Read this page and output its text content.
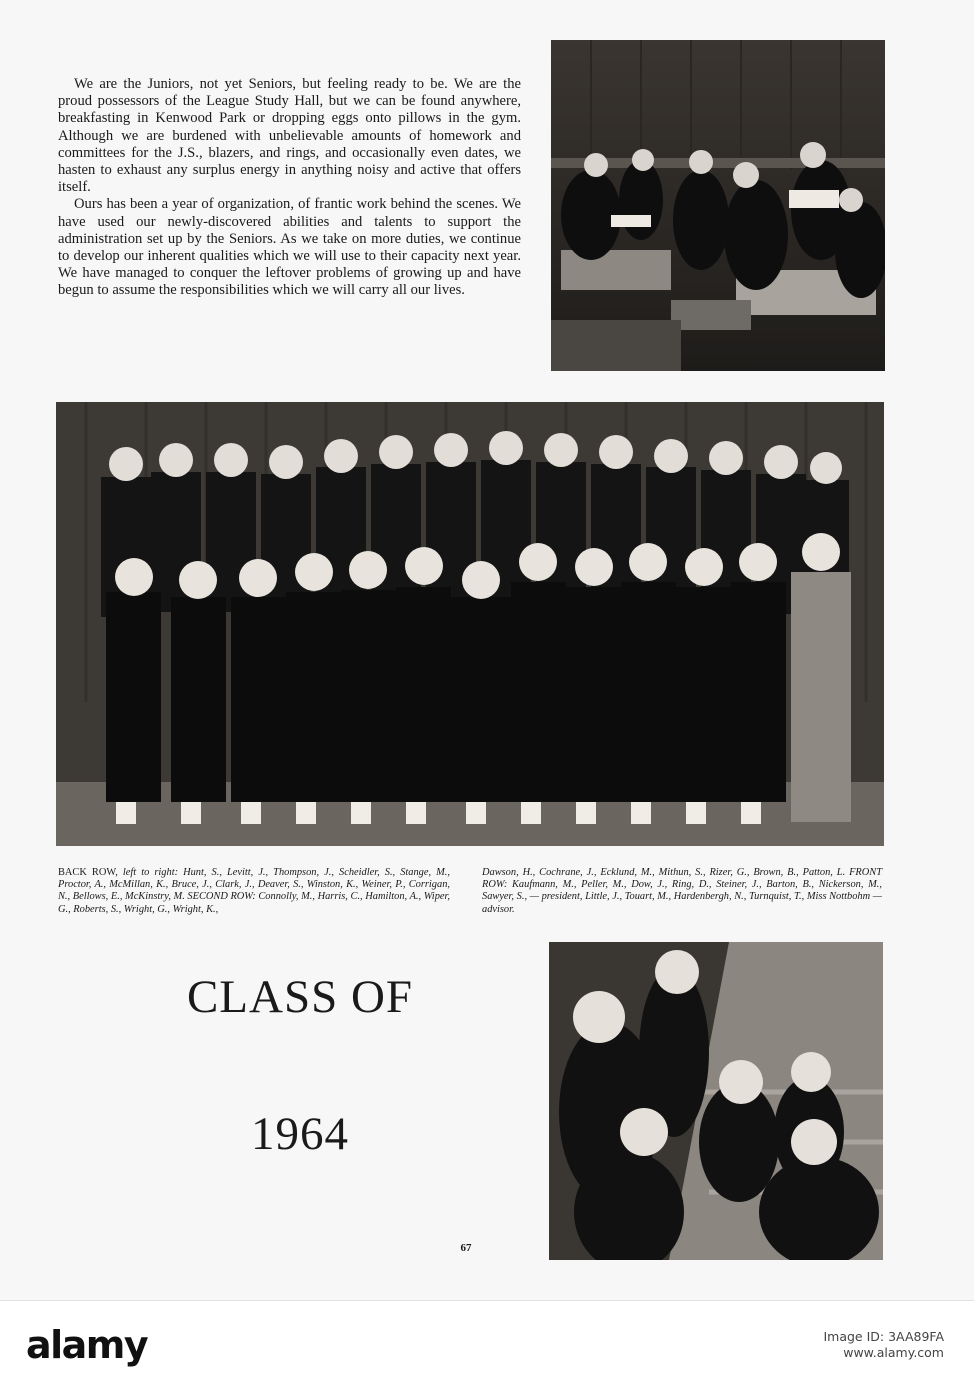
We are the Juniors, not yet Seniors, but feeling ready to be. We are the proud possessors of the League Study Hall, but we can be found anywhere, breakfasting in Kenwood Park or dropping eggs onto pillows in the gym. Although we are burdened with unbelievable amounts of homework and committees for the J.S., blazers, and rings, and occasionally even dates, we hasten to exhaust any surplus energy in anything noisy and active that offers itself.

Ours has been a year of organization, of frantic work behind the scenes. We have used our newly-discovered abilities and talents to support the administration set up by the Seniors. As we take on more duties, we continue to develop our inherent qualities which we will use to their capacity next year. We have managed to conquer the leftover problems of growing up and have begun to assume the responsibilities which we will carry all our lives.

BACK ROW, left to right: Hunt, S., Levitt, J., Thompson, J., Scheidler, S., Stange, M., Proctor, A., McMillan, K., Bruce, J., Clark, J., Deaver, S., Winston, K., Weiner, P., Corrigan, N., Bellows, E., McKinstry, M. SECOND ROW: Connolly, M., Harris, C., Hamilton, A., Wiper, G., Roberts, S., Wright, G., Wright, K.,

Dawson, H., Cochrane, J., Ecklund, M., Mithun, S., Rizer, G., Brown, B., Patton, L. FRONT ROW: Kaufmann, M., Peller, M., Dow, J., Ring, D., Steiner, J., Barton, B., Nickerson, M., Sawyer, S., — president, Little, J., Touart, M., Hardenbergh, N., Turnquist, T., Miss Nottbohm — advisor.

CLASS OF
1964
67
alamy	Image ID: 3AA89FA
www.alamy.com
